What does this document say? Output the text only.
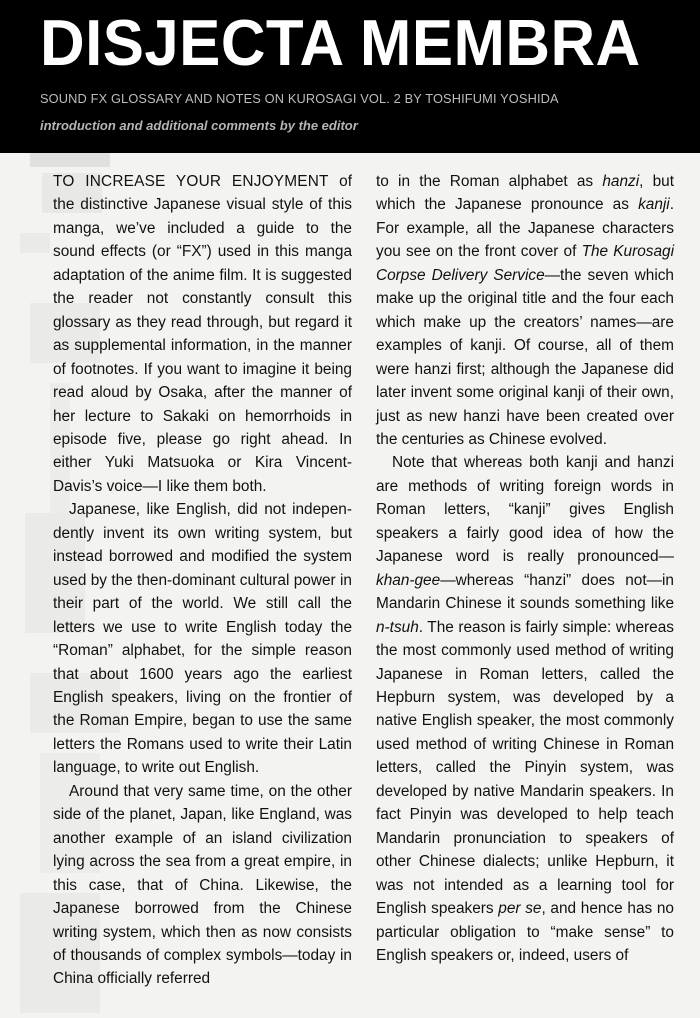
DISJECTA MEMBRA
SOUND FX GLOSSARY AND NOTES ON KUROSAGI VOL. 2 BY TOSHIFUMI YOSHIDA
introduction and additional comments by the editor

TO INCREASE YOUR ENJOYMENT of the distinctive Japanese visual style of this manga, we’ve included a guide to the sound effects (or “FX”) used in this manga adaptation of the anime film. It is suggested the reader not constantly consult this glossary as they read through, but regard it as supplemental information, in the manner of footnotes. If you want to imagine it being read aloud by Osaka, after the manner of her lecture to Sakaki on hemorrhoids in episode five, please go right ahead. In either Yuki Matsuoka or Kira Vincent-Davis’s voice—I like them both.

Japanese, like English, did not independently invent its own writing system, but instead borrowed and modified the system used by the then-dominant cultural power in their part of the world. We still call the letters we use to write English today the “Roman” alphabet, for the simple reason that about 1600 years ago the earliest English speakers, living on the frontier of the Roman Empire, began to use the same letters the Romans used to write their Latin language, to write out English.

Around that very same time, on the other side of the planet, Japan, like England, was another example of an island civilization lying across the sea from a great empire, in this case, that of China. Likewise, the Japanese borrowed from the Chinese writing system, which then as now consists of thousands of complex symbols—today in China officially referred

to in the Roman alphabet as hanzi, but which the Japanese pronounce as kanji. For example, all the Japanese characters you see on the front cover of The Kurosagi Corpse Delivery Service—the seven which make up the original title and the four each which make up the creators’ names—are examples of kanji. Of course, all of them were hanzi first; although the Japanese did later invent some original kanji of their own, just as new hanzi have been created over the centuries as Chinese evolved.

Note that whereas both kanji and hanzi are methods of writing foreign words in Roman letters, “kanji” gives English speakers a fairly good idea of how the Japanese word is really pronounced—khan-gee—whereas “hanzi” does not—in Mandarin Chinese it sounds something like n-tsuh. The reason is fairly simple: whereas the most commonly used method of writing Japanese in Roman letters, called the Hepburn system, was developed by a native English speaker, the most commonly used method of writing Chinese in Roman letters, called the Pinyin system, was developed by native Mandarin speakers. In fact Pinyin was developed to help teach Mandarin pronunciation to speakers of other Chinese dialects; unlike Hepburn, it was not intended as a learning tool for English speakers per se, and hence has no particular obligation to “make sense” to English speakers or, indeed, users of
